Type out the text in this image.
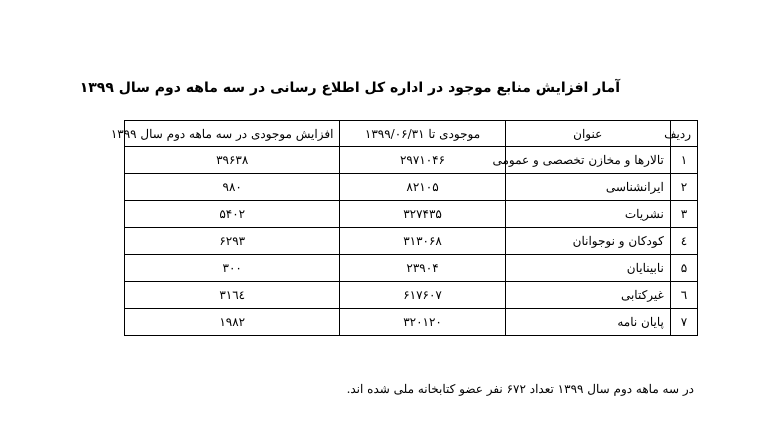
آمار افزایش منابع موجود در اداره کل اطلاع رسانی در سه ماهه دوم سال ۱۳۹۹
ردیف	عنوان	موجودی تا ۱۳۹۹/۰۶/۳۱	افزایش موجودی در سه ماهه دوم سال ۱۳۹۹
۱	تالارها و مخازن تخصصی و عمومی	۲۹۷۱۰۴۶	۳۹۶۳۸
۲	ایرانشناسی	۸۲۱۰۵	۹۸۰
۳	نشریات	۳۲۷۴۳۵	۵۴۰۲
٤	کودکان و نوجوانان	۳۱۳۰۶۸	۶۲۹۳
۵	نابینایان	۲۳۹۰۴	۳۰۰
٦	غیرکتابی	۶۱۷۶۰۷	۳۱٦٤
۷	پایان نامه	۳۲۰۱۲۰	۱۹۸۲
در سه ماهه دوم سال ۱۳۹۹ تعداد ۶۷۲ نفر عضو کتابخانه ملی شده اند.
